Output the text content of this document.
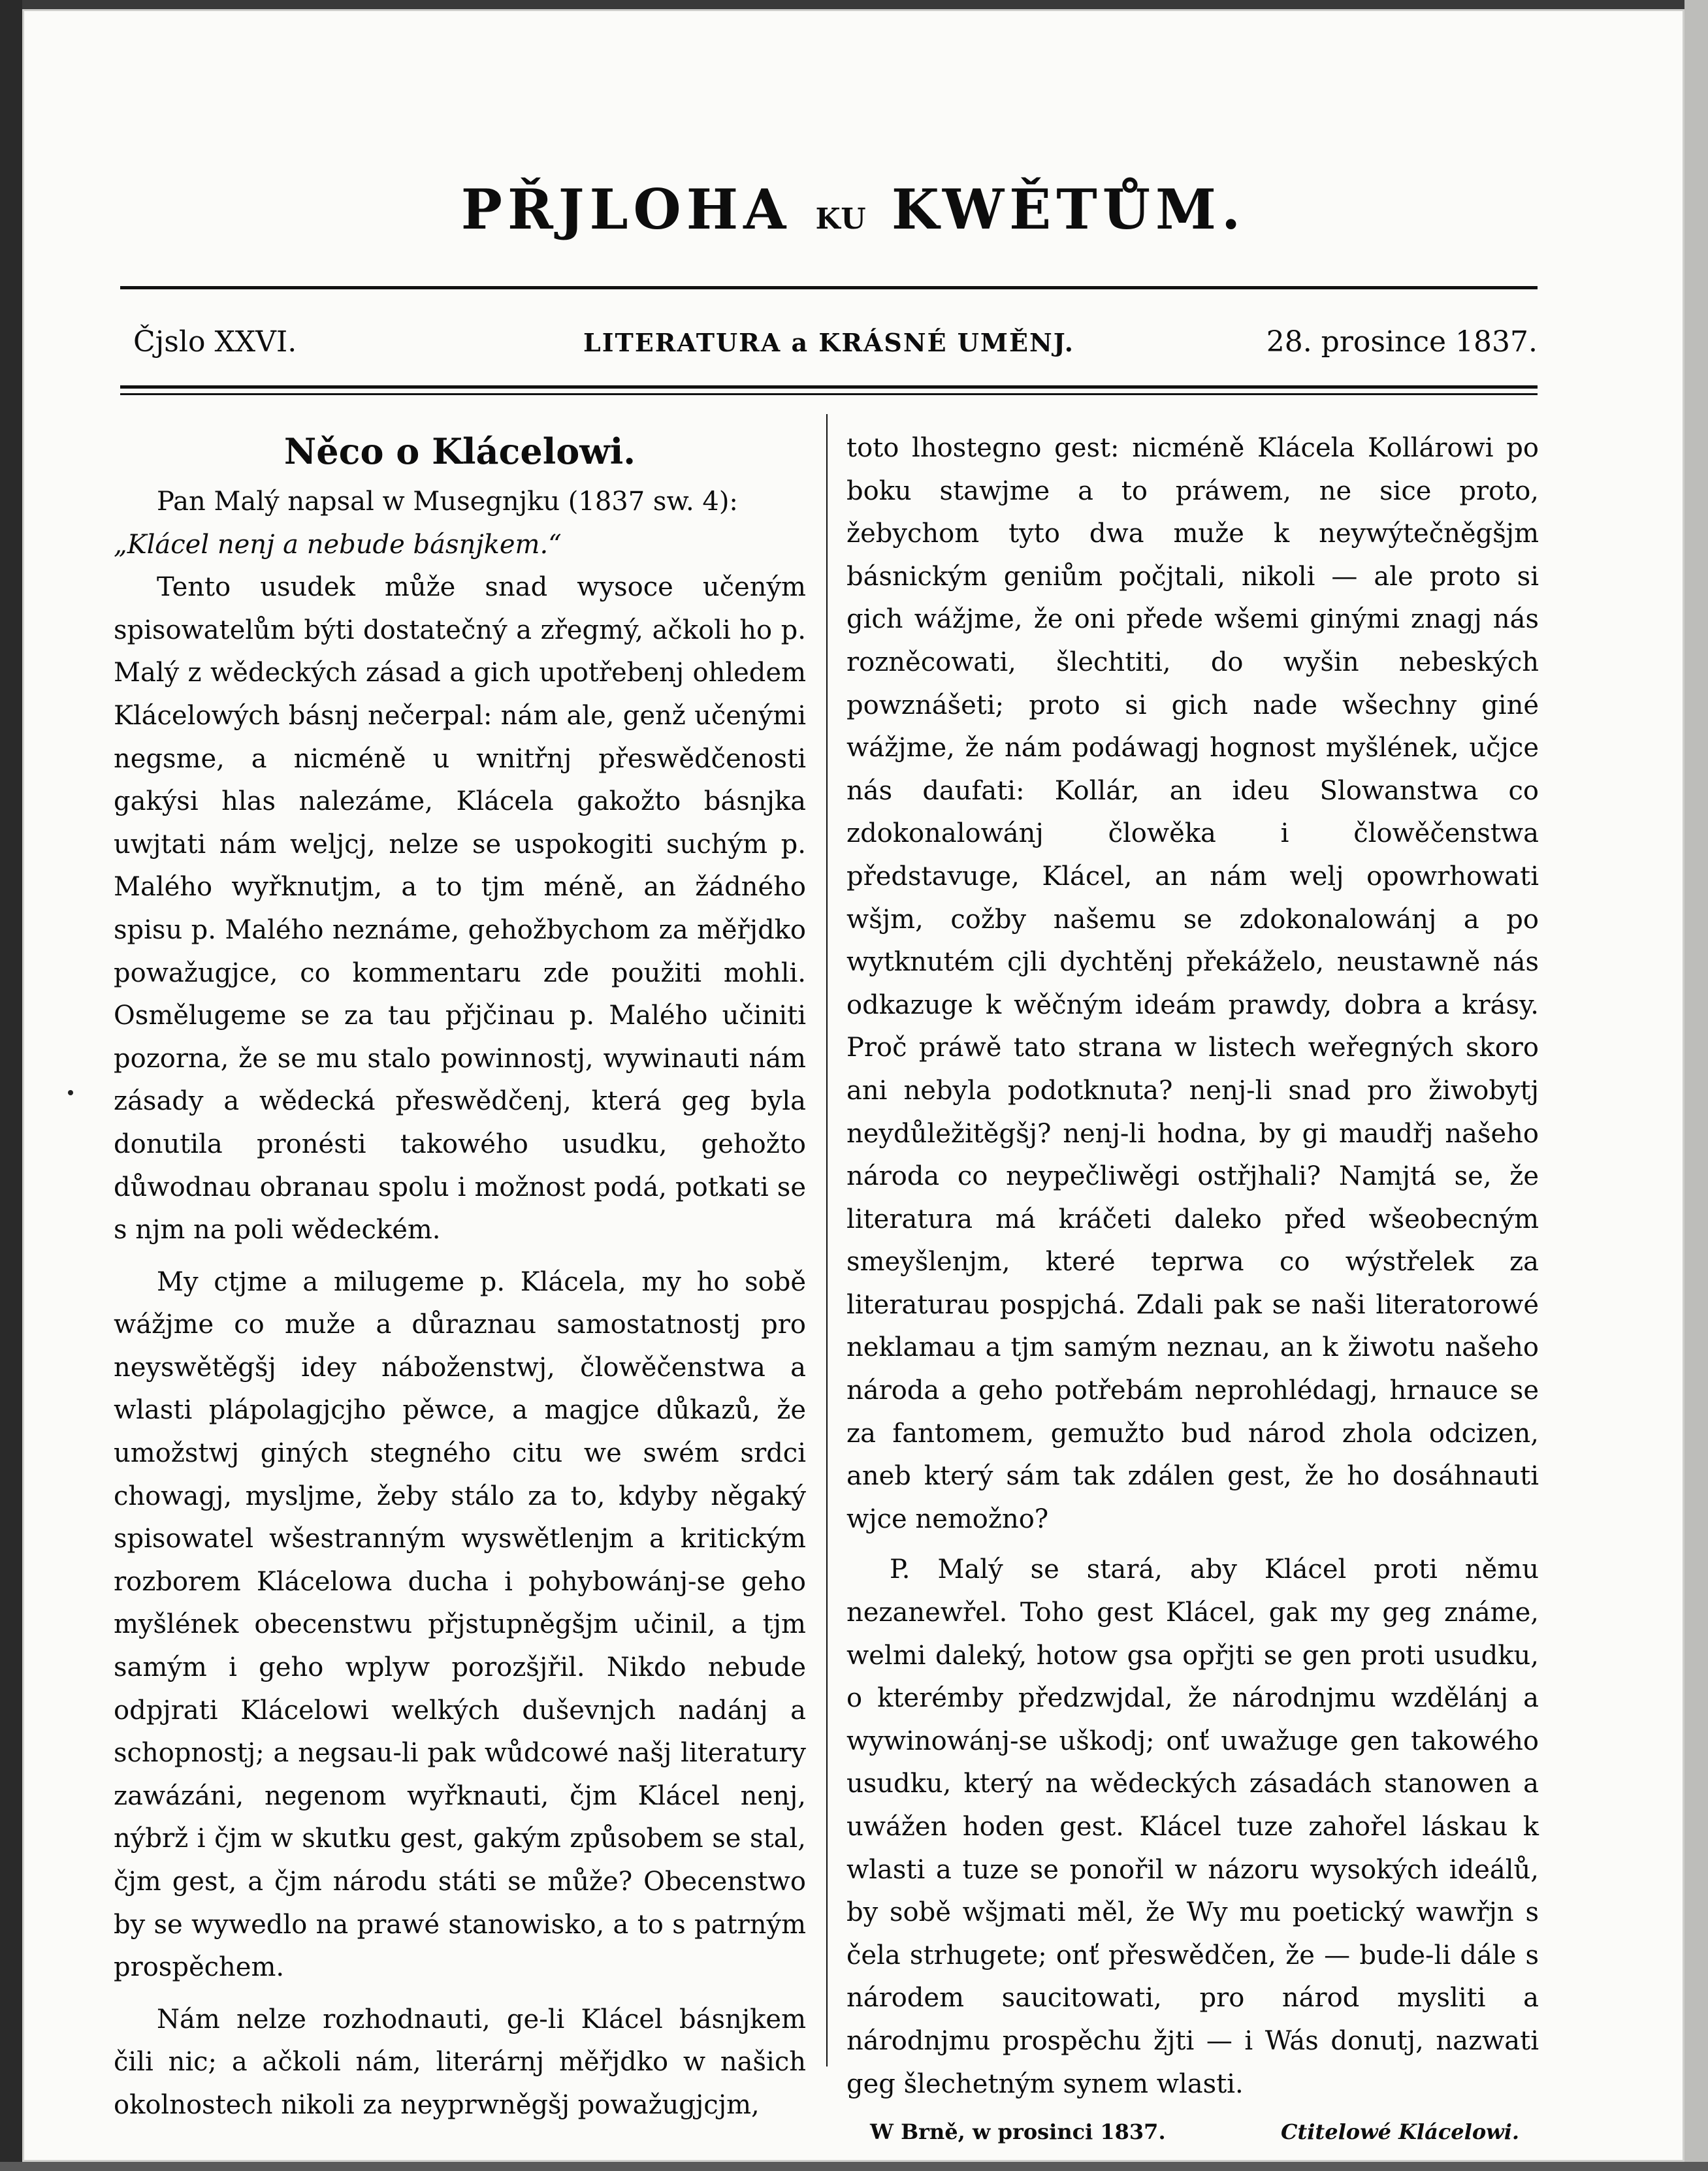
PŘJLOHA KU KWĚTŮM.
Čjslo XXVI.	LITERATURA a KRÁSNÉ UMĚNJ.	28. prosince 1837.

Něco o Klácelowi.

Pan Malý napsal w Musegnjku (1837 sw. 4):

„Klácel nenj a nebude básnjkem.“

Tento usudek může snad wysoce učeným spisowatelům býti dostatečný a zřegmý, ačkoli ho p. Malý z wědeckých zásad a gich upotřebenj ohledem Klácelowých básnj nečerpal: nám ale, genž učenými negsme, a nicméně u wnitřnj přeswědčenosti gakýsi hlas nalezáme, Klácela gakožto básnjka uwjtati nám weljcj, nelze se uspokogiti suchým p. Malého wyřknutjm, a to tjm méně, an žádného spisu p. Malého neznáme, gehožbychom za měřjdko powažugjce, co kommentaru zde použiti mohli. Osmělugeme se za tau přjčinau p. Malého učiniti pozorna, že se mu stalo powinnostj, wywinauti nám zásady a wědecká přeswědčenj, která geg byla donutila pronésti takowého usudku, gehožto důwodnau obranau spolu i možnost podá, potkati se s njm na poli wědeckém.

My ctjme a milugeme p. Klácela, my ho sobě wážjme co muže a důraznau samostatnostj pro neyswětěgšj idey náboženstwj, člowěčenstwa a wlasti plápolagjcjho pěwce, a magjce důkazů, že umožstwj giných stegného citu we swém srdci chowagj, mysljme, žeby stálo za to, kdyby něgaký spisowatel wšestranným wyswětlenjm a kritickým rozborem Klácelowa ducha i pohybowánj-se geho myšlének obecenstwu přjstupněgšjm učinil, a tjm samým i geho wplyw porozšjřil. Nikdo nebude odpjrati Klácelowi welkých duševnjch nadánj a schopnostj; a negsau-li pak wůdcowé našj literatury zawázáni, negenom wyřknauti, čjm Klácel nenj, nýbrž i čjm w skutku gest, gakým způsobem se stal, čjm gest, a čjm národu státi se může? Obecenstwo by se wywedlo na prawé stanowisko, a to s patrným prospěchem.

Nám nelze rozhodnauti, ge-li Klácel básnjkem čili nic; a ačkoli nám, literárnj měřjdko w našich okolnostech nikoli za neyprwněgšj powažugjcjm,

toto lhostegno gest: nicméně Klácela Kollárowi po boku stawjme a to práwem, ne sice proto, žebychom tyto dwa muže k neywýtečněgšjm básnickým geniům počjtali, nikoli — ale proto si gich wážjme, že oni přede wšemi ginými znagj nás rozněcowati, šlechtiti, do wyšin nebeských powznášeti; proto si gich nade wšechny giné wážjme, že nám podáwagj hognost myšlének, učjce nás daufati: Kollár, an ideu Slowanstwa co zdokonalowánj člowěka i člowěčenstwa představuge, Klácel, an nám welj opowrhowati wšjm, cožby našemu se zdokonalowánj a po wytknutém cjli dychtěnj překáželo, neustawně nás odkazuge k wěčným ideám prawdy, dobra a krásy. Proč práwě tato strana w listech weřegných skoro ani nebyla podotknuta? nenj-li snad pro žiwobytj neydůležitěgšj? nenj-li hodna, by gi maudřj našeho národa co neypečliwěgi ostřjhali? Namjtá se, že literatura má kráčeti daleko před wšeobecným smeyšlenjm, které teprwa co wýstřelek za literaturau pospjchá. Zdali pak se naši literatorowé neklamau a tjm samým neznau, an k žiwotu našeho národa a geho potřebám neprohlédagj, hrnauce se za fantomem, gemužto bud národ zhola odcizen, aneb který sám tak zdálen gest, že ho dosáhnauti wjce nemožno?

P. Malý se stará, aby Klácel proti němu nezanewřel. Toho gest Klácel, gak my geg známe, welmi daleký, hotow gsa opřjti se gen proti usudku, o kterémby předzwjdal, že národnjmu wzdělánj a wywinowánj-se uškodj; onť uwažuge gen takowého usudku, který na wědeckých zásadách stanowen a uwážen hoden gest. Klácel tuze zahořel láskau k wlasti a tuze se ponořil w názoru wysokých ideálů, by sobě wšjmati měl, že Wy mu poetický wawřjn s čela strhugete; onť přeswědčen, že — bude-li dále s národem saucitowati, pro národ mysliti a národnjmu prospěchu žjti — i Wás donutj, nazwati geg šlechetným synem wlasti.

W Brně, w prosinci 1837.	Ctitelowé Klácelowi.
